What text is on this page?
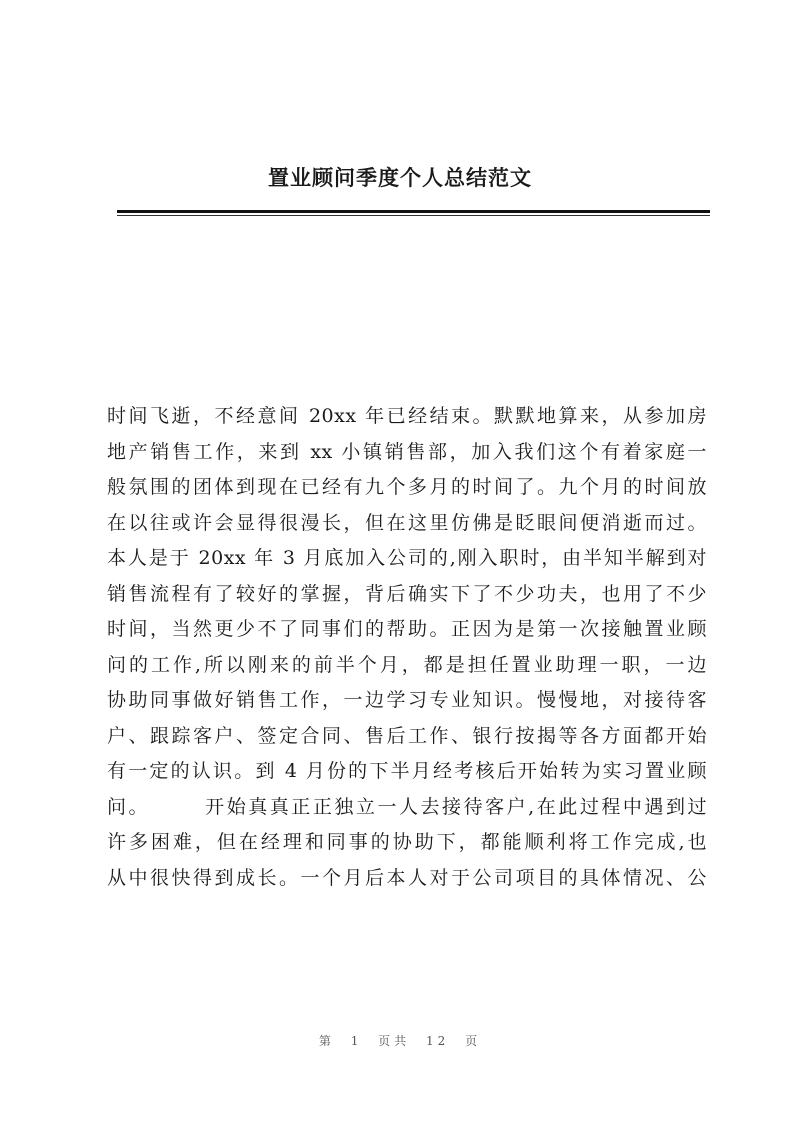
置业顾问季度个人总结范文
时间飞逝，不经意间 20xx 年已经结束。默默地算来，从参加房
地产销售工作，来到 xx 小镇销售部，加入我们这个有着家庭一
般氛围的团体到现在已经有九个多月的时间了。九个月的时间放
在以往或许会显得很漫长，但在这里仿佛是眨眼间便消逝而过。
本人是于 20xx 年 3 月底加入公司的,刚入职时，由半知半解到对
销售流程有了较好的掌握，背后确实下了不少功夫，也用了不少
时间，当然更少不了同事们的帮助。正因为是第一次接触置业顾
问的工作,所以刚来的前半个月，都是担任置业助理一职，一边
协助同事做好销售工作，一边学习专业知识。慢慢地，对接待客
户、跟踪客户、签定合同、售后工作、银行按揭等各方面都开始
有一定的认识。到 4 月份的下半月经考核后开始转为实习置业顾
问。　　　开始真真正正独立一人去接待客户,在此过程中遇到过
许多困难，但在经理和同事的协助下，都能顺利将工作完成,也
从中很快得到成长。一个月后本人对于公司项目的具体情况、公
第 1 页共 12 页
